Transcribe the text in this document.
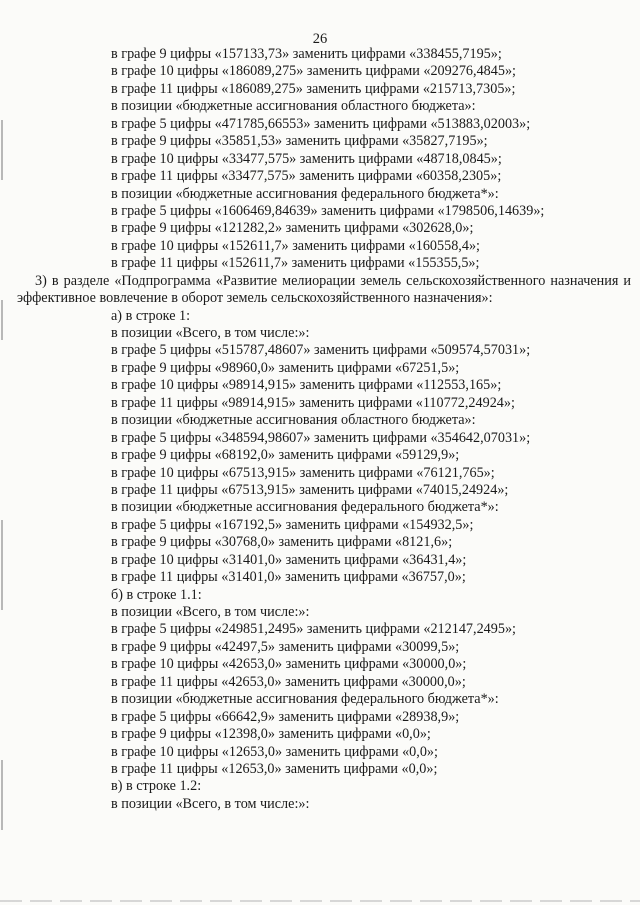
26
в графе 9 цифры «157133,73» заменить цифрами «338455,7195»;
в графе 10 цифры «186089,275» заменить цифрами «209276,4845»;
в графе 11 цифры «186089,275» заменить цифрами «215713,7305»;
в позиции «бюджетные ассигнования областного бюджета»:
в графе 5 цифры «471785,66553» заменить цифрами «513883,02003»;
в графе 9 цифры «35851,53» заменить цифрами «35827,7195»;
в графе 10 цифры «33477,575» заменить цифрами «48718,0845»;
в графе 11 цифры «33477,575» заменить цифрами «60358,2305»;
в позиции «бюджетные ассигнования федерального бюджета*»:
в графе 5 цифры «1606469,84639» заменить цифрами «1798506,14639»;
в графе 9 цифры «121282,2» заменить цифрами «302628,0»;
в графе 10 цифры «152611,7» заменить цифрами «160558,4»;
в графе 11 цифры «152611,7» заменить цифрами «155355,5»;
3) в разделе «Подпрограмма «Развитие мелиорации земель сельскохозяйственного назначения и эффективное вовлечение в оборот земель сельскохозяйственного назначения»:
а) в строке 1:
в позиции «Всего, в том числе:»:
в графе 5 цифры «515787,48607» заменить цифрами «509574,57031»;
в графе 9 цифры «98960,0» заменить цифрами «67251,5»;
в графе 10 цифры «98914,915» заменить цифрами «112553,165»;
в графе 11 цифры «98914,915» заменить цифрами «110772,24924»;
в позиции «бюджетные ассигнования областного бюджета»:
в графе 5 цифры «348594,98607» заменить цифрами «354642,07031»;
в графе 9 цифры «68192,0» заменить цифрами «59129,9»;
в графе 10 цифры «67513,915» заменить цифрами «76121,765»;
в графе 11 цифры «67513,915» заменить цифрами «74015,24924»;
в позиции «бюджетные ассигнования федерального бюджета*»:
в графе 5 цифры «167192,5» заменить цифрами «154932,5»;
в графе 9 цифры «30768,0» заменить цифрами «8121,6»;
в графе 10 цифры «31401,0» заменить цифрами «36431,4»;
в графе 11 цифры «31401,0» заменить цифрами «36757,0»;
б) в строке 1.1:
в позиции «Всего, в том числе:»:
в графе 5 цифры «249851,2495» заменить цифрами «212147,2495»;
в графе 9 цифры «42497,5» заменить цифрами «30099,5»;
в графе 10 цифры «42653,0» заменить цифрами «30000,0»;
в графе 11 цифры «42653,0» заменить цифрами «30000,0»;
в позиции «бюджетные ассигнования федерального бюджета*»:
в графе 5 цифры «66642,9» заменить цифрами «28938,9»;
в графе 9 цифры «12398,0» заменить цифрами «0,0»;
в графе 10 цифры «12653,0» заменить цифрами «0,0»;
в графе 11 цифры «12653,0» заменить цифрами «0,0»;
в) в строке 1.2:
в позиции «Всего, в том числе:»:
